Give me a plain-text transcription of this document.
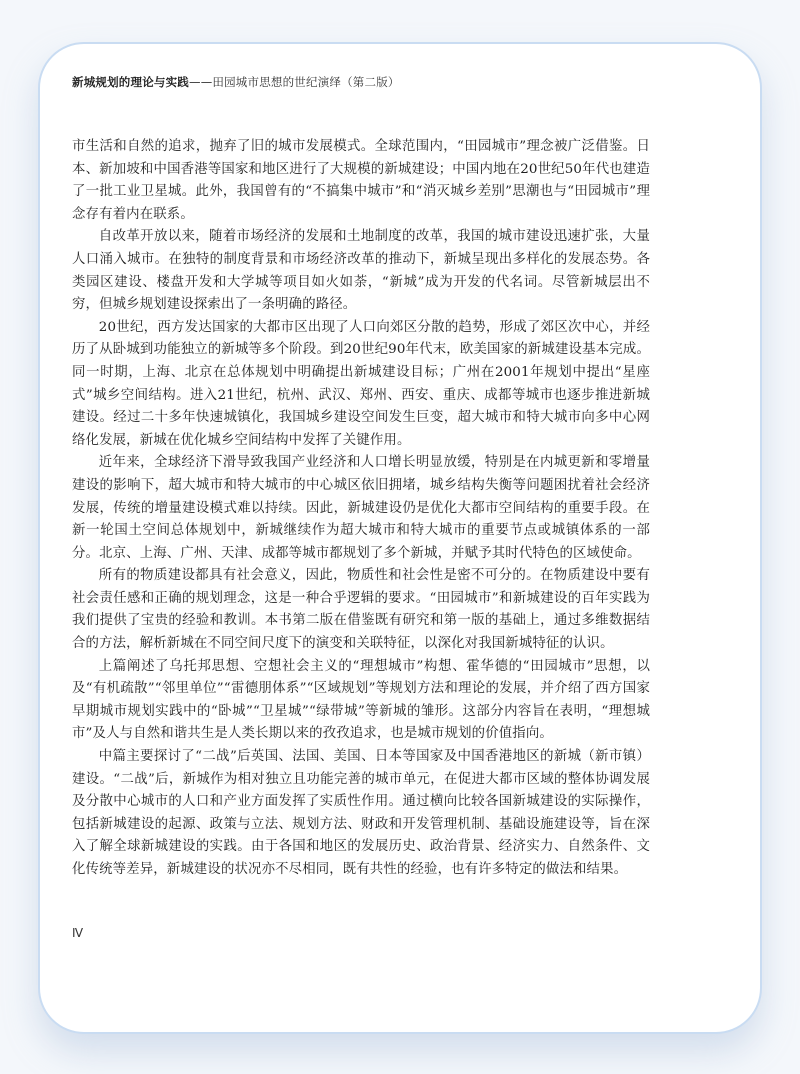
新城规划的理论与实践——田园城市思想的世纪演绎（第二版）

市生活和自然的追求，抛弃了旧的城市发展模式。全球范围内，“田园城市”理念被广泛借鉴。日本、新加坡和中国香港等国家和地区进行了大规模的新城建设；中国内地在20世纪50年代也建造了一批工业卫星城。此外，我国曾有的“不搞集中城市”和“消灭城乡差别”思潮也与“田园城市”理念存有着内在联系。

自改革开放以来，随着市场经济的发展和土地制度的改革，我国的城市建设迅速扩张，大量人口涌入城市。在独特的制度背景和市场经济改革的推动下，新城呈现出多样化的发展态势。各类园区建设、楼盘开发和大学城等项目如火如荼，“新城”成为开发的代名词。尽管新城层出不穷，但城乡规划建设探索出了一条明确的路径。

20世纪，西方发达国家的大都市区出现了人口向郊区分散的趋势，形成了郊区次中心，并经历了从卧城到功能独立的新城等多个阶段。到20世纪90年代末，欧美国家的新城建设基本完成。同一时期，上海、北京在总体规划中明确提出新城建设目标；广州在2001年规划中提出“星座式”城乡空间结构。进入21世纪，杭州、武汉、郑州、西安、重庆、成都等城市也逐步推进新城建设。经过二十多年快速城镇化，我国城乡建设空间发生巨变，超大城市和特大城市向多中心网络化发展，新城在优化城乡空间结构中发挥了关键作用。

近年来，全球经济下滑导致我国产业经济和人口增长明显放缓，特别是在内城更新和零增量建设的影响下，超大城市和特大城市的中心城区依旧拥堵，城乡结构失衡等问题困扰着社会经济发展，传统的增量建设模式难以持续。因此，新城建设仍是优化大都市空间结构的重要手段。在新一轮国土空间总体规划中，新城继续作为超大城市和特大城市的重要节点或城镇体系的一部分。北京、上海、广州、天津、成都等城市都规划了多个新城，并赋予其时代特色的区域使命。

所有的物质建设都具有社会意义，因此，物质性和社会性是密不可分的。在物质建设中要有社会责任感和正确的规划理念，这是一种合乎逻辑的要求。“田园城市”和新城建设的百年实践为我们提供了宝贵的经验和教训。本书第二版在借鉴既有研究和第一版的基础上，通过多维数据结合的方法，解析新城在不同空间尺度下的演变和关联特征，以深化对我国新城特征的认识。

上篇阐述了乌托邦思想、空想社会主义的“理想城市”构想、霍华德的“田园城市”思想，以及“有机疏散”“邻里单位”“雷德朋体系”“区域规划”等规划方法和理论的发展，并介绍了西方国家早期城市规划实践中的“卧城”“卫星城”“绿带城”等新城的雏形。这部分内容旨在表明，“理想城市”及人与自然和谐共生是人类长期以来的孜孜追求，也是城市规划的价值指向。

中篇主要探讨了“二战”后英国、法国、美国、日本等国家及中国香港地区的新城（新市镇）建设。“二战”后，新城作为相对独立且功能完善的城市单元，在促进大都市区域的整体协调发展及分散中心城市的人口和产业方面发挥了实质性作用。通过横向比较各国新城建设的实际操作，包括新城建设的起源、政策与立法、规划方法、财政和开发管理机制、基础设施建设等，旨在深入了解全球新城建设的实践。由于各国和地区的发展历史、政治背景、经济实力、自然条件、文化传统等差异，新城建设的状况亦不尽相同，既有共性的经验，也有许多特定的做法和结果。

Ⅳ
